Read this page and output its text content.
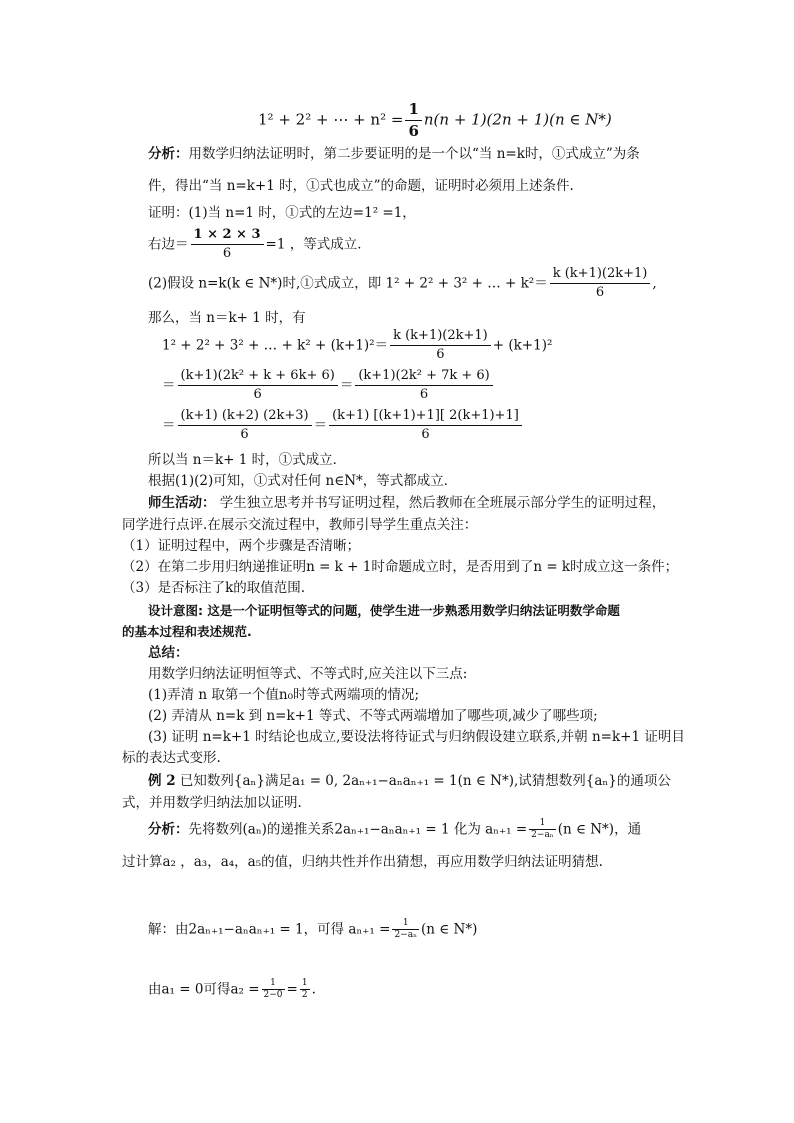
1² + 2² + ⋯ + $n^2 = \frac{1}{6} n(n + 1)(2n + 1)(n$ ∈ N*)
分析：用数学归纳法证明时，第二步要证明的是一个以“当 n=k时，①式成立”为条
件，得出“当 n=k+1 时，①式也成立”的命题，证明时必须用上述条件.
证明：(1)当 n=1 时，①式的左边=1² =1，
右边＝ $\frac{1 \times 2 \times 3}{6} =1$ ，等式成立．
(2)假设 n=k(k ∈ N*)时,①式成立，即 1² + 2² + 3² + … + $k^2= \frac{k (k+1)(2k+1)}{6}$ ,
那么，当 n＝k+ 1 时，有
1² + 2² + 3² + … + $k^2 + (k+1)^2= \frac{k (k+1)(2k+1)}{6} + (k+1)^2$
＝ $\frac{\text{(k+1)(2k² + k + 6k+ 6)}}{6} = \frac{\text{(k+1)(2k² + 7k + 6)}}{6}$
＝ $\frac{(k+1) (k+2) (2k+3)}{6} = \frac{(k+1) [(k+1)+1][ 2(k+1)+1]}{6}$
所以当 n＝k+ 1 时，①式成立．
根据(1)(2)可知，①式对任何 n∈N*，等式都成立．
师生活动： 学生独立思考并书写证明过程，然后教师在全班展示部分学生的证明过程，
同学进行点评.在展示交流过程中，教师引导学生重点关注：
（1）证明过程中，两个步骤是否清晰；
（2）在第二步用归纳递推证明n = k + 1时命题成立时，是否用到了n = k时成立这一条件；
（3）是否标注了k的取值范围.
设计意图: 这是一个证明恒等式的问题，使学生进一步熟悉用数学归纳法证明数学命题
的基本过程和表述规范.
总结：
用数学归纳法证明恒等式、不等式时,应关注以下三点:
(1)弄清 n 取第一个值n₀时等式两端项的情况;
(2) 弄清从 n=k 到 n=k+1 等式、不等式两端增加了哪些项,减少了哪些项;
(3) 证明 n=k+1 时结论也成立,要设法将待证式与归纳假设建立联系,并朝 n=k+1 证明目
标的表达式变形.
例 2 已知数列{aₙ}满足a₁ = 0, 2aₙ₊₁−aₙaₙ₊₁ = 1(n ∈ N*),试猜想数列{aₙ}的通项公
式，并用数学归纳法加以证明.
分析：先将数列(aₙ)的递推关系2aₙ₊₁−aₙaₙ₊₁ = 1 化为 $a_{n+1} = \frac{1}{\text{2−aₙ}} (n$ ∈ N*)，通
过计算a₂ ，a₃，a₄，a₅的值，归纳共性并作出猜想，再应用数学归纳法证明猜想.
解：由2aₙ₊₁−aₙaₙ₊₁ = 1，可得 $a_{n+1} = \frac{1}{\text{2−aₙ}} (n$ ∈ N*)
由a₁ = 0可得$a_2 = \frac{1}{2-0} = \frac{1}{2}$ .
